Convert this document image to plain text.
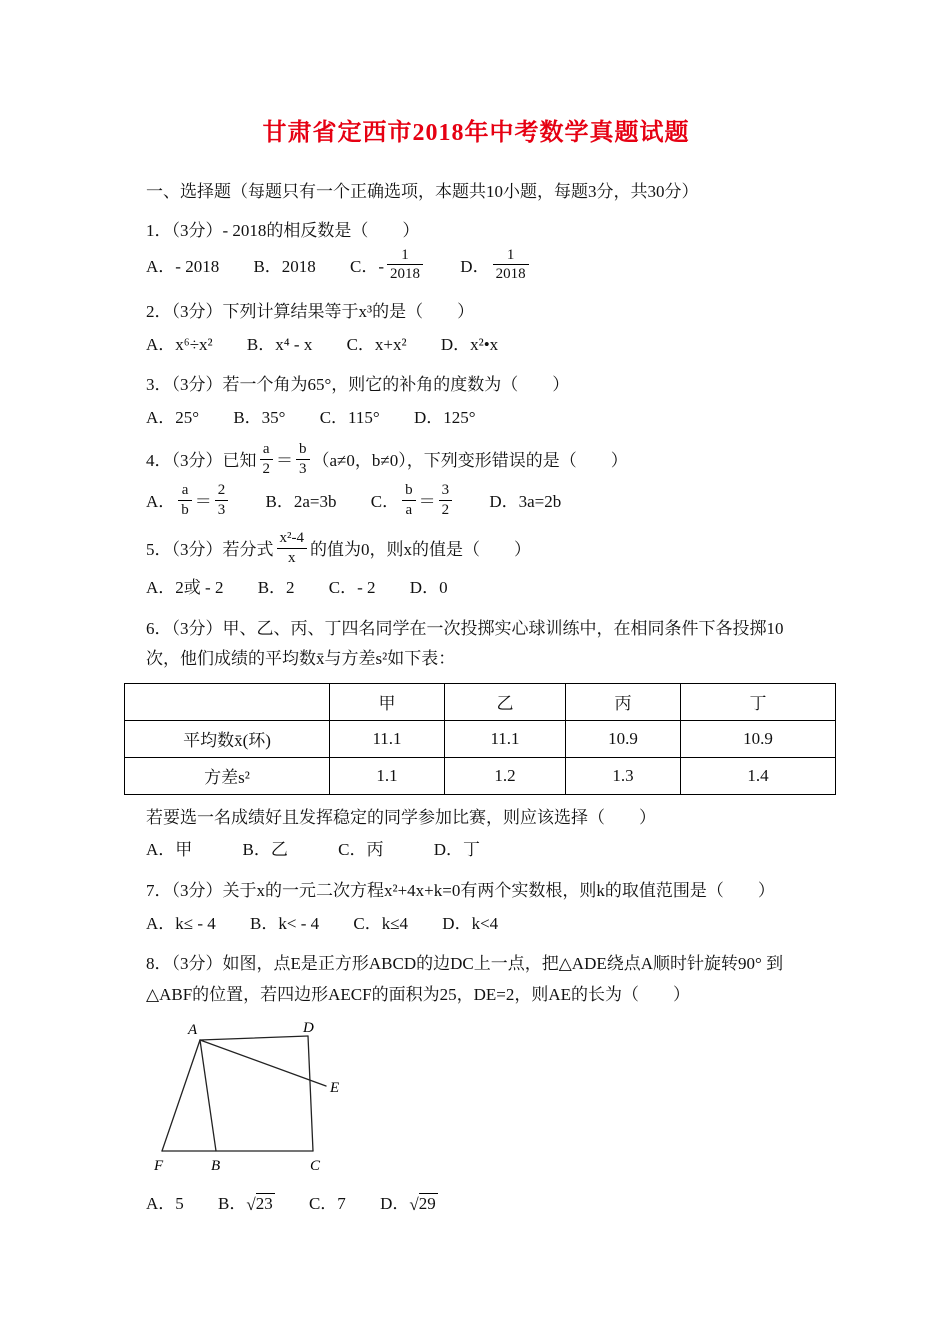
甘肃省定西市2018年中考数学真题试题

一、选择题（每题只有一个正确选项，本题共10小题，每题3分，共30分）

1．（3分）- 2018的相反数是（　　）

A．- 2018 B．2018 C．- $\frac{1}{2018}$ D． $\frac{1}{2018}$

2．（3分）下列计算结果等于x³的是（　　）

A．x⁶÷x² B．x⁴ - x C．x+x² D．x²•x

3．（3分）若一个角为65°，则它的补角的度数为（　　）

A．25° B．35° C．115° D．125°

4．（3分）已知 $\frac{a}{2} = \frac{b}{3} (a\ne 0$，b≠0），下列变形错误的是（　　）

A． $\frac{a}{b} = \frac{2}{3}$ B．2a=3b C． $\frac{b}{a} = \frac{3}{2}$ D．3a=2b

5．（3分）若分式 $\frac{\text{x²-4}}{x}$ 的值为0，则x的值是（　　）

A．2或 - 2 B．2 C．- 2 D．0

6．（3分）甲、乙、丙、丁四名同学在一次投掷实心球训练中，在相同条件下各投掷10

次，他们成绩的平均数x̄与方差s²如下表：

	甲	乙	丙	丁
平均数x̄(环)	11.1	11.1	10.9	10.9
方差s²	1.1	1.2	1.3	1.4

若要选一名成绩好且发挥稳定的同学参加比赛，则应该选择（　　）

A．甲	B．乙	C．丙	D．丁

7．（3分）关于x的一元二次方程x²+4x+k=0有两个实数根，则k的取值范围是（　　）

A．k≤ - 4 B．k< - 4 C．k≤4 D．k<4

8．（3分）如图，点E是正方形ABCD的边DC上一点，把△ADE绕点A顺时针旋转90° 到

△ABF的位置，若四边形AECF的面积为25，DE=2，则AE的长为（　　）

A	D
E
F	B	C

A．5 B．√23 C．7 D．√29
